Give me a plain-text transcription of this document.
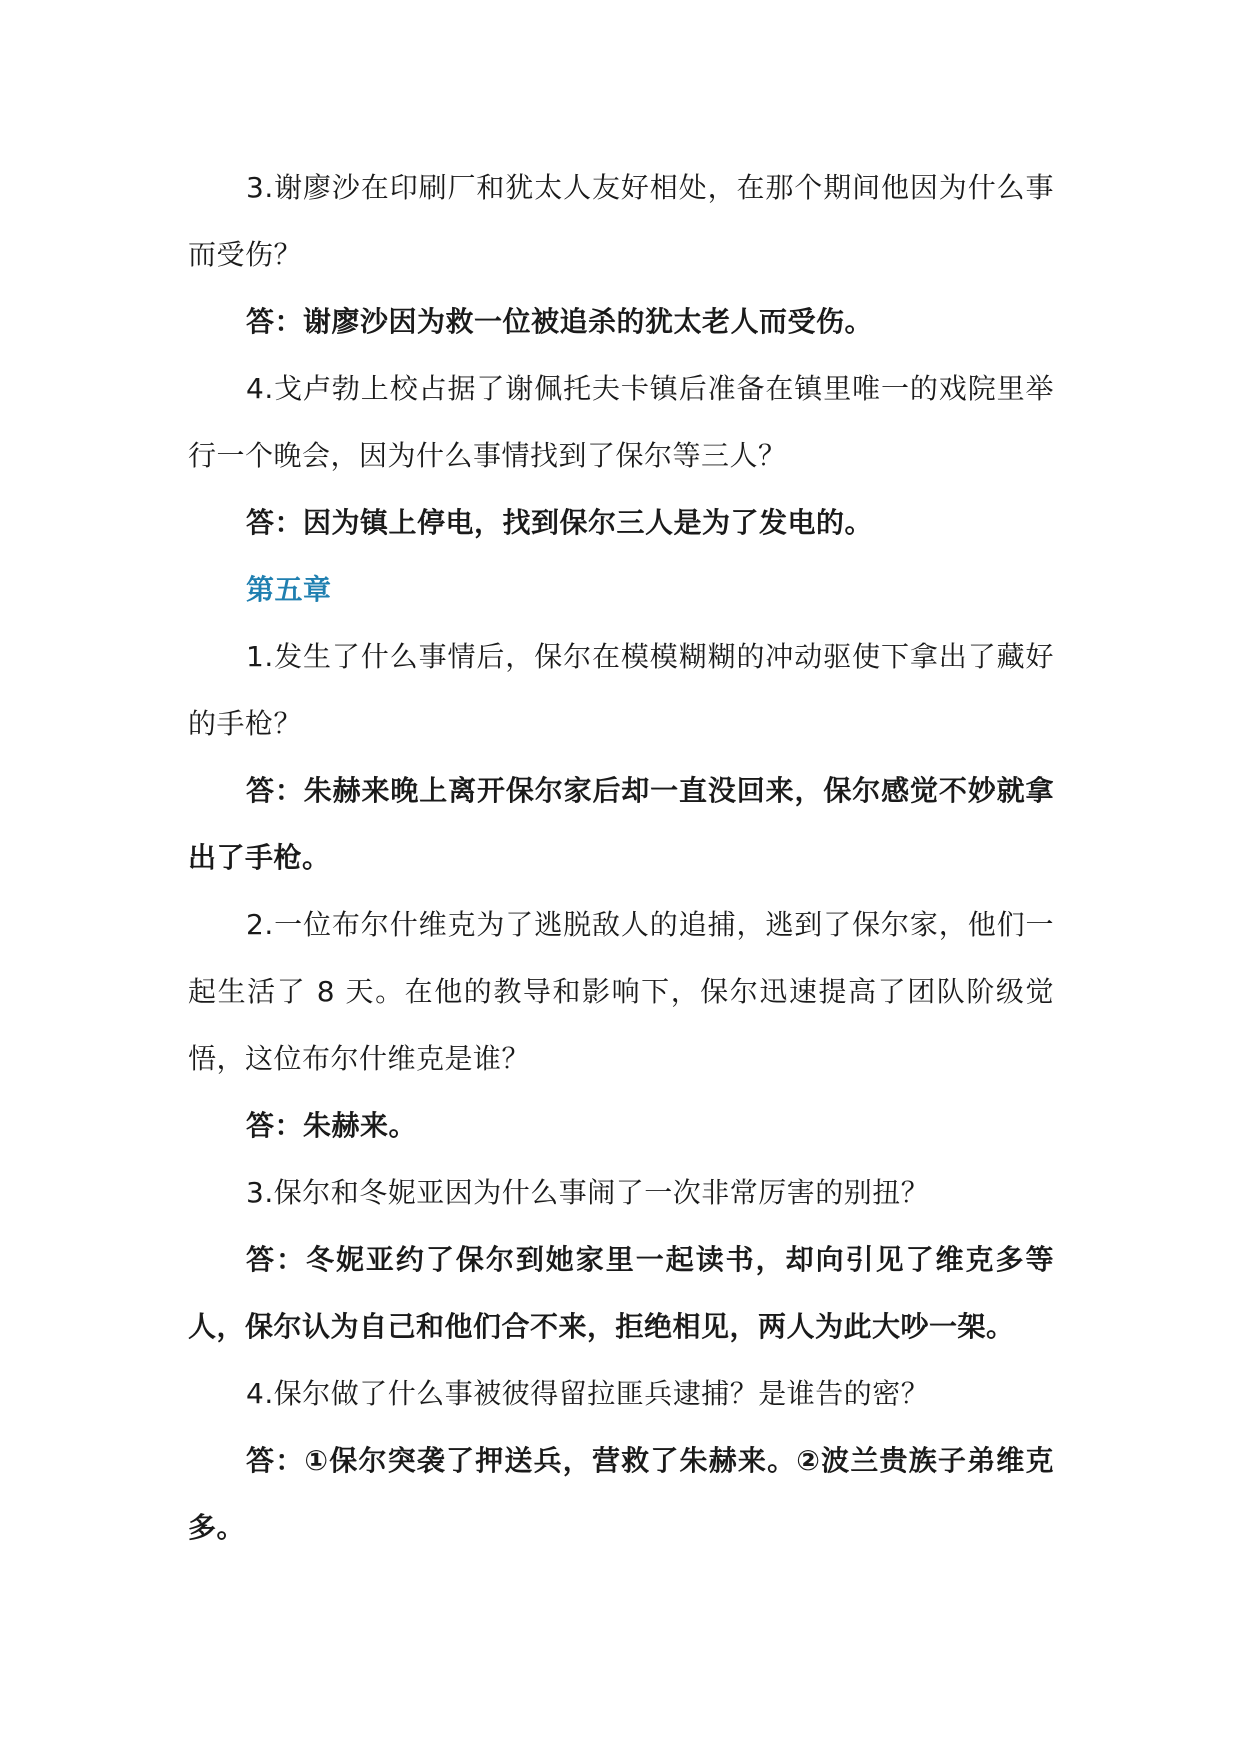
3.谢廖沙在印刷厂和犹太人友好相处，在那个期间他因为什么事而受伤？

答：谢廖沙因为救一位被追杀的犹太老人而受伤。

4.戈卢勃上校占据了谢佩托夫卡镇后准备在镇里唯一的戏院里举行一个晚会，因为什么事情找到了保尔等三人？

答：因为镇上停电，找到保尔三人是为了发电的。

第五章

1.发生了什么事情后，保尔在模模糊糊的冲动驱使下拿出了藏好的手枪？

答：朱赫来晚上离开保尔家后却一直没回来，保尔感觉不妙就拿出了手枪。

2.一位布尔什维克为了逃脱敌人的追捕，逃到了保尔家，他们一起生活了 8 天。在他的教导和影响下，保尔迅速提高了团队阶级觉悟，这位布尔什维克是谁？

答：朱赫来。

3.保尔和冬妮亚因为什么事闹了一次非常厉害的别扭？

答：冬妮亚约了保尔到她家里一起读书，却向引见了维克多等人，保尔认为自己和他们合不来，拒绝相见，两人为此大吵一架。

4.保尔做了什么事被彼得留拉匪兵逮捕？是谁告的密？

答：①保尔突袭了押送兵，营救了朱赫来。②波兰贵族子弟维克多。
